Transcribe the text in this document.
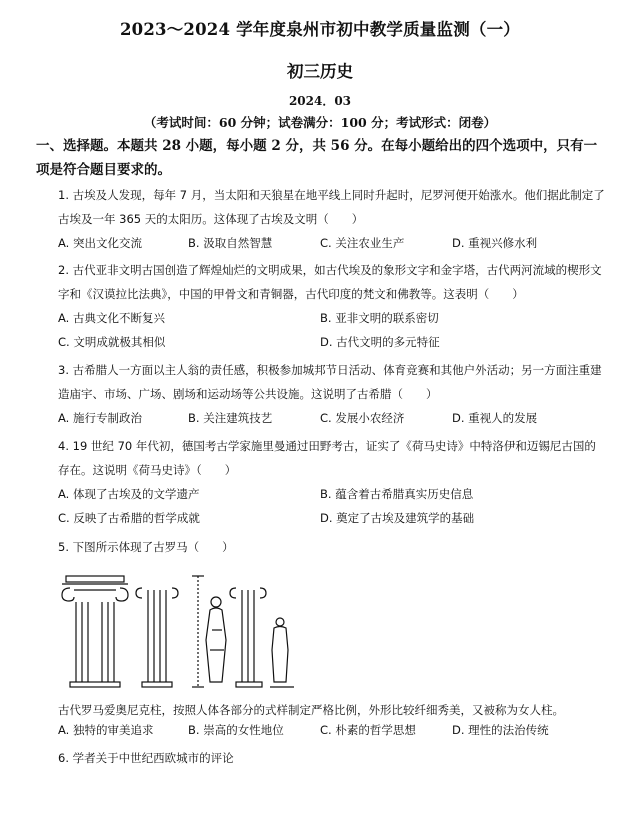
2023～2024 学年度泉州市初中教学质量监测（一）
初三历史
2024．03
（考试时间：60 分钟；试卷满分：100 分；考试形式：闭卷）
一、选择题。本题共 28 小题，每小题 2 分，共 56 分。在每小题给出的四个选项中，只有一项是符合题目要求的。
1. 古埃及人发现，每年 7 月，当太阳和天狼星在地平线上同时升起时，尼罗河便开始涨水。他们据此制定了古埃及一年 365 天的太阳历。这体现了古埃及文明（　　）
A. 突出文化交流	B. 汲取自然智慧	C. 关注农业生产	D. 重视兴修水利
2. 古代亚非文明古国创造了辉煌灿烂的文明成果，如古代埃及的象形文字和金字塔，古代两河流域的楔形文字和《汉谟拉比法典》，中国的甲骨文和青铜器，古代印度的梵文和佛教等。这表明（　　）
A. 古典文化不断复兴	B. 亚非文明的联系密切
C. 文明成就极其相似	D. 古代文明的多元特征
3. 古希腊人一方面以主人翁的责任感，积极参加城邦节日活动、体育竞赛和其他户外活动；另一方面注重建造庙宇、市场、广场、剧场和运动场等公共设施。这说明了古希腊（　　）
A. 施行专制政治	B. 关注建筑技艺	C. 发展小农经济	D. 重视人的发展
4. 19 世纪 70 年代初，德国考古学家施里曼通过田野考古，证实了《荷马史诗》中特洛伊和迈锡尼古国的存在。这说明《荷马史诗》（　　）
A. 体现了古埃及的文学遗产	B. 蕴含着古希腊真实历史信息
C. 反映了古希腊的哲学成就	D. 奠定了古埃及建筑学的基础
5. 下图所示体现了古罗马（　　）
古代罗马爱奥尼克柱，按照人体各部分的式样制定严格比例，外形比较纤细秀美，又被称为女人柱。
A. 独特的审美追求	B. 崇高的女性地位	C. 朴素的哲学思想	D. 理性的法治传统
6. 学者关于中世纪西欧城市的评论
